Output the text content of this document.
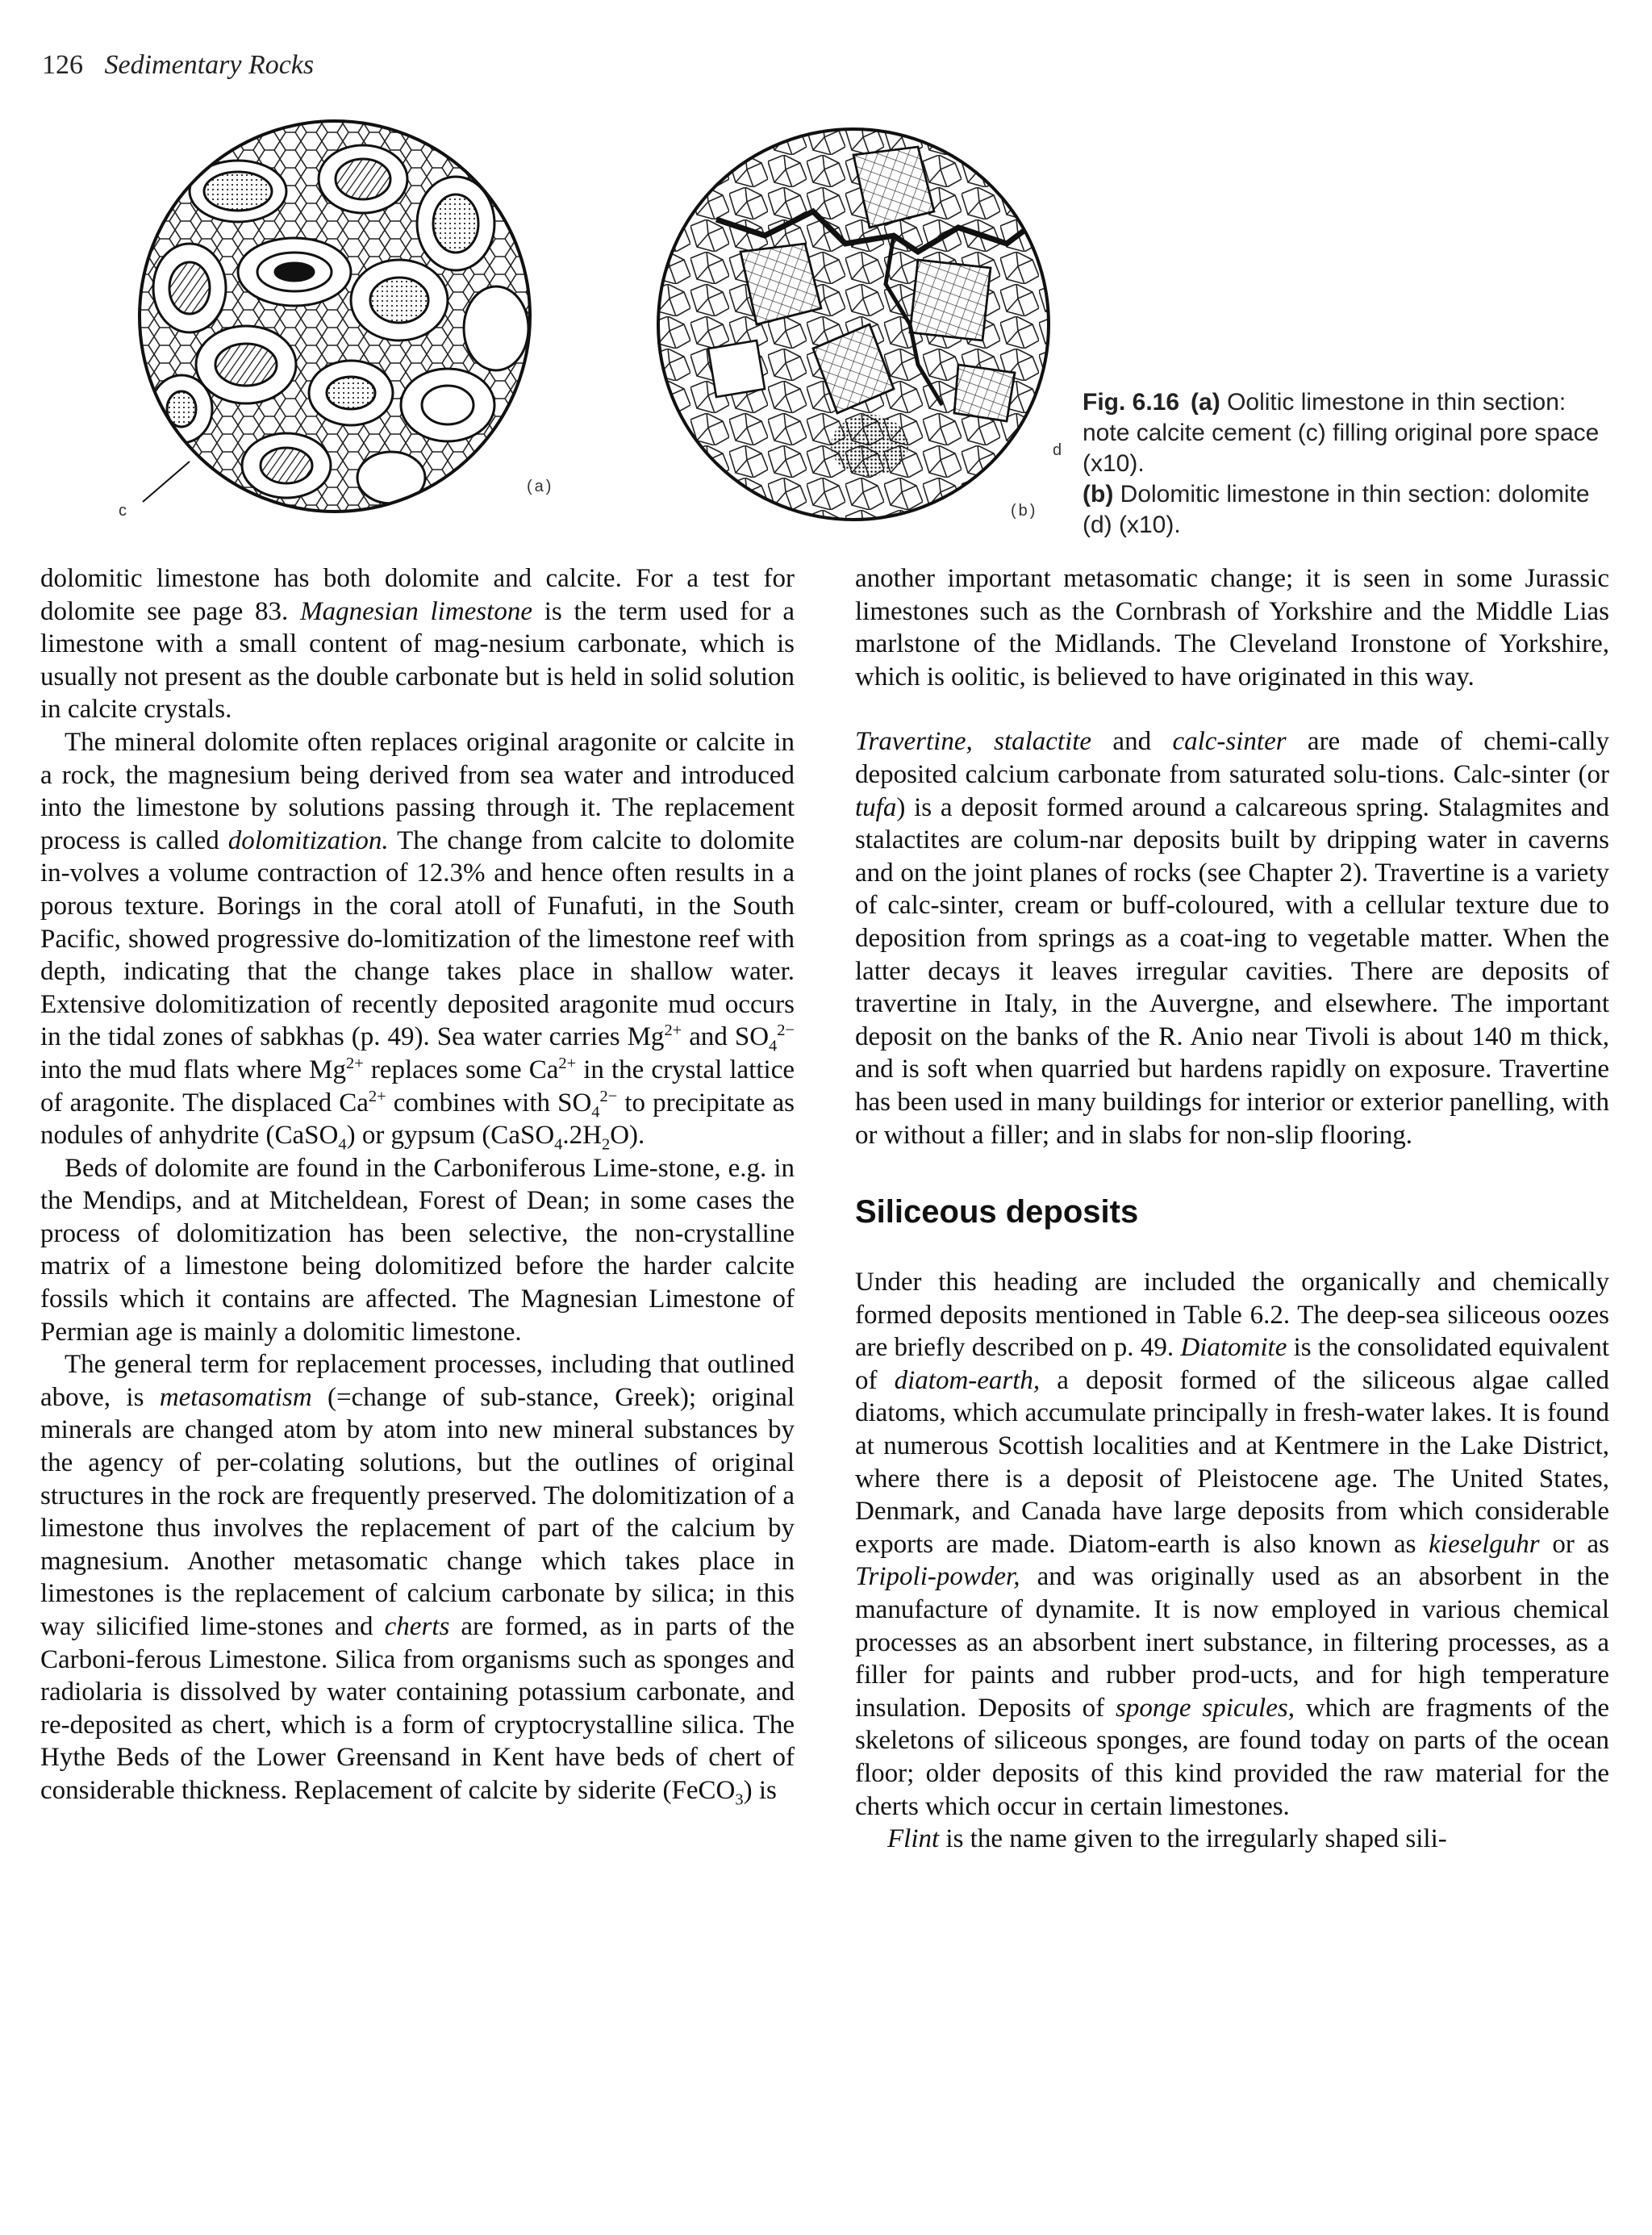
126 Sedimentary Rocks
c
(a)
d
(b)
Fig. 6.16 (a) Oolitic limestone in thin section: note calcite cement (c) filling original pore space (x10).
(b) Dolomitic limestone in thin section: dolomite (d) (x10).

dolomitic limestone has both dolomite and calcite. For a test for dolomite see page 83. Magnesian limestone is the term used for a limestone with a small content of mag-nesium carbonate, which is usually not present as the double carbonate but is held in solid solution in calcite crystals.

The mineral dolomite often replaces original aragonite or calcite in a rock, the magnesium being derived from sea water and introduced into the limestone by solutions passing through it. The replacement process is called dolomitization. The change from calcite to dolomite in-volves a volume contraction of 12.3% and hence often results in a porous texture. Borings in the coral atoll of Funafuti, in the South Pacific, showed progressive do-lomitization of the limestone reef with depth, indicating that the change takes place in shallow water. Extensive dolomitization of recently deposited aragonite mud occurs in the tidal zones of sabkhas (p. 49). Sea water carries $Mg^{2+}$ and $SO_4^{2-}$ into the mud flats where $Mg^{2+}$ replaces some $Ca^{2+}$ in the crystal lattice of aragonite. The displaced $Ca^{2+}$ combines with $SO_4^{2-}$ to precipitate as nodules of anhydrite (CaSO$_4$) or gypsum $(CaSO_4.2H_2O)$.

Beds of dolomite are found in the Carboniferous Lime-stone, e.g. in the Mendips, and at Mitcheldean, Forest of Dean; in some cases the process of dolomitization has been selective, the non-crystalline matrix of a limestone being dolomitized before the harder calcite fossils which it contains are affected. The Magnesian Limestone of Permian age is mainly a dolomitic limestone.

The general term for replacement processes, including that outlined above, is metasomatism (=change of sub-stance, Greek); original minerals are changed atom by atom into new mineral substances by the agency of per-colating solutions, but the outlines of original structures in the rock are frequently preserved. The dolomitization of a limestone thus involves the replacement of part of the calcium by magnesium. Another metasomatic change which takes place in limestones is the replacement of calcium carbonate by silica; in this way silicified lime-stones and cherts are formed, as in parts of the Carboni-ferous Limestone. Silica from organisms such as sponges and radiolaria is dissolved by water containing potassium carbonate, and re-deposited as chert, which is a form of cryptocrystalline silica. The Hythe Beds of the Lower Greensand in Kent have beds of chert of considerable thickness. Replacement of calcite by siderite (FeCO$_3$) is

another important metasomatic change; it is seen in some Jurassic limestones such as the Cornbrash of Yorkshire and the Middle Lias marlstone of the Midlands. The Cleveland Ironstone of Yorkshire, which is oolitic, is believed to have originated in this way.

Travertine, stalactite and calc-sinter are made of chemi-cally deposited calcium carbonate from saturated solu-tions. Calc-sinter (or tufa) is a deposit formed around a calcareous spring. Stalagmites and stalactites are colum-nar deposits built by dripping water in caverns and on the joint planes of rocks (see Chapter 2). Travertine is a variety of calc-sinter, cream or buff-coloured, with a cellular texture due to deposition from springs as a coat-ing to vegetable matter. When the latter decays it leaves irregular cavities. There are deposits of travertine in Italy, in the Auvergne, and elsewhere. The important deposit on the banks of the R. Anio near Tivoli is about 140 m thick, and is soft when quarried but hardens rapidly on exposure. Travertine has been used in many buildings for interior or exterior panelling, with or without a filler; and in slabs for non-slip flooring.

Siliceous deposits

Under this heading are included the organically and chemically formed deposits mentioned in Table 6.2. The deep-sea siliceous oozes are briefly described on p. 49. Diatomite is the consolidated equivalent of diatom-earth, a deposit formed of the siliceous algae called diatoms, which accumulate principally in fresh-water lakes. It is found at numerous Scottish localities and at Kentmere in the Lake District, where there is a deposit of Pleistocene age. The United States, Denmark, and Canada have large deposits from which considerable exports are made. Diatom-earth is also known as kieselguhr or as Tripoli-powder, and was originally used as an absorbent in the manufacture of dynamite. It is now employed in various chemical processes as an absorbent inert substance, in filtering processes, as a filler for paints and rubber prod-ucts, and for high temperature insulation. Deposits of sponge spicules, which are fragments of the skeletons of siliceous sponges, are found today on parts of the ocean floor; older deposits of this kind provided the raw material for the cherts which occur in certain limestones.

Flint is the name given to the irregularly shaped sili-
